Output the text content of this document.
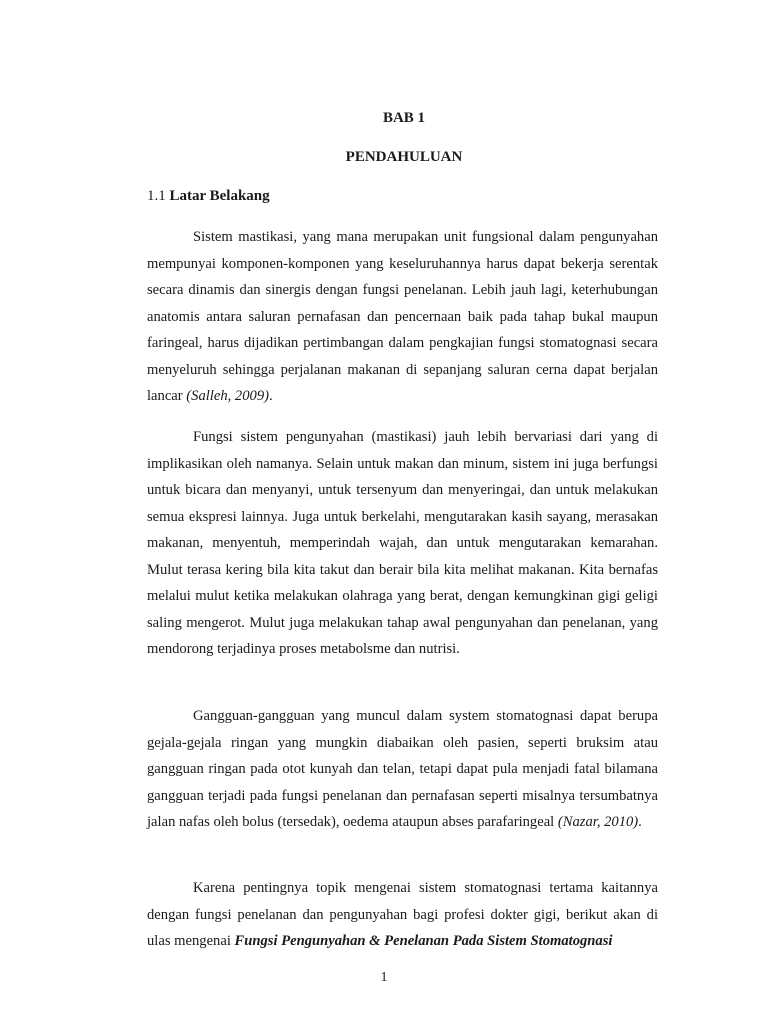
BAB 1
PENDAHULUAN
1.1 Latar Belakang

Sistem mastikasi, yang mana merupakan unit fungsional dalam pengunyahan mempunyai komponen-komponen yang keseluruhannya harus dapat bekerja serentak secara dinamis dan sinergis dengan fungsi penelanan. Lebih jauh lagi, keterhubungan anatomis antara saluran pernafasan dan pencernaan baik pada tahap bukal maupun faringeal, harus dijadikan pertimbangan dalam pengkajian fungsi stomatognasi secara menyeluruh sehingga perjalanan makanan di sepanjang saluran cerna dapat berjalan lancar (Salleh, 2009).

Fungsi sistem pengunyahan (mastikasi) jauh lebih bervariasi dari yang di implikasikan oleh namanya. Selain untuk makan dan minum, sistem ini juga berfungsi untuk bicara dan menyanyi, untuk tersenyum dan menyeringai, dan untuk melakukan semua ekspresi lainnya. Juga untuk berkelahi, mengutarakan kasih sayang, merasakan makanan, menyentuh, memperindah wajah, dan untuk mengutarakan kemarahan. Mulut terasa kering bila kita takut dan berair bila kita melihat makanan. Kita bernafas melalui mulut ketika melakukan olahraga yang berat, dengan kemungkinan gigi geligi saling mengerot. Mulut juga melakukan tahap awal pengunyahan dan penelanan, yang mendorong terjadinya proses metabolsme dan nutrisi.

Gangguan-gangguan yang muncul dalam system stomatognasi dapat berupa gejala-gejala ringan yang mungkin diabaikan oleh pasien, seperti bruksim atau gangguan ringan pada otot kunyah dan telan, tetapi dapat pula menjadi fatal bilamana gangguan terjadi pada fungsi penelanan dan pernafasan seperti misalnya tersumbatnya jalan nafas oleh bolus (tersedak), oedema ataupun abses parafaringeal (Nazar, 2010).

Karena pentingnya topik mengenai sistem stomatognasi tertama kaitannya dengan fungsi penelanan dan pengunyahan bagi profesi dokter gigi, berikut akan di ulas mengenai Fungsi Pengunyahan & Penelanan Pada Sistem Stomatognasi

1
